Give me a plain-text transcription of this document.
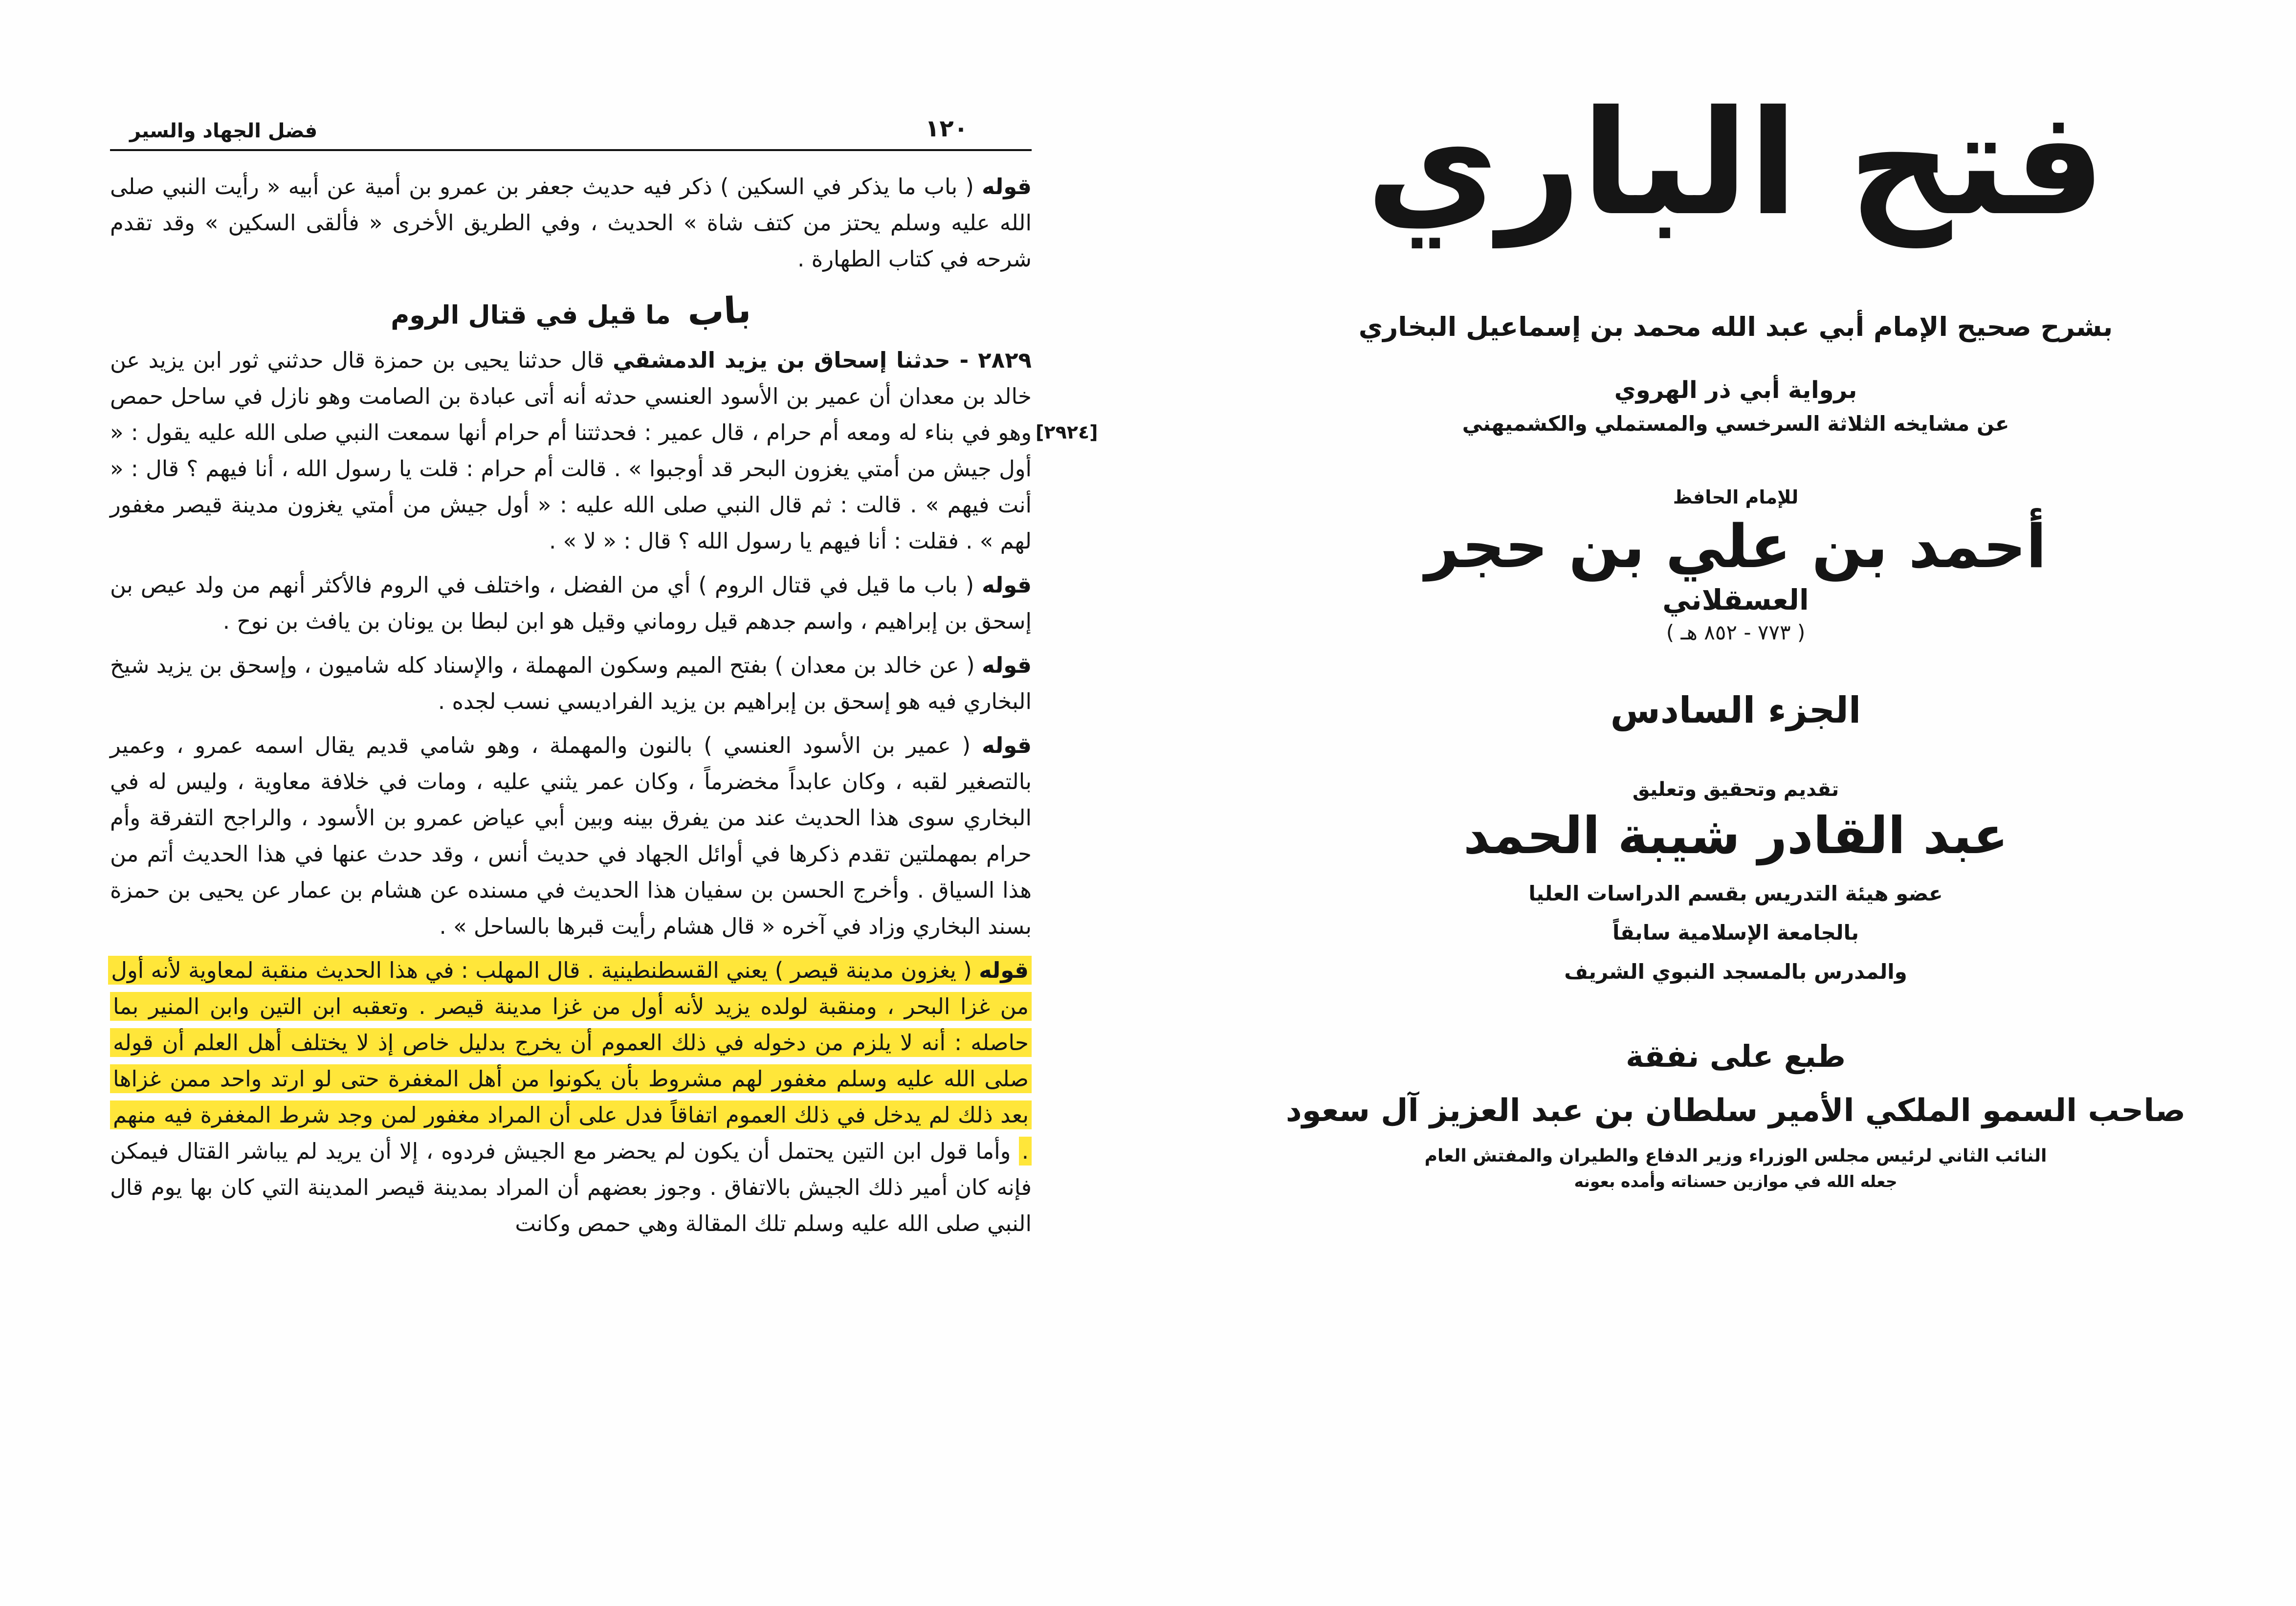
فضل الجهاد والسير	١٢٠

قوله ( باب ما يذكر في السكين ) ذكر فيه حديث جعفر بن عمرو بن أمية عن أبيه « رأيت النبي صلى الله عليه وسلم يحتز من كتف شاة » الحديث ، وفي الطريق الأخرى « فألقى السكين » وقد تقدم شرحه في كتاب الطهارة .

بابما قيل في قتال الروم

٢٨٢٩ - حدثنا إسحاق بن يزيد الدمشقي قال حدثنا يحيى بن حمزة قال حدثني ثور ابن يزيد عن خالد بن معدان أن عمير بن الأسود العنسي حدثه أنه أتى عبادة بن الصامت وهو نازل في ساحل حمص وهو في بناء له ومعه أم حرام ، قال عمير : فحدثتنا أم حرام أنها سمعت النبي صلى الله عليه يقول : « أول جيش من أمتي يغزون البحر قد أوجبوا » . قالت أم حرام : قلت يا رسول الله ، أنا فيهم ؟ قال : « أنت فيهم » . قالت : ثم قال النبي صلى الله عليه : « أول جيش من أمتي يغزون مدينة قيصر مغفور لهم » . فقلت : أنا فيهم يا رسول الله ؟ قال : « لا » .

قوله ( باب ما قيل في قتال الروم ) أي من الفضل ، واختلف في الروم فالأكثر أنهم من ولد عيص بن إسحق بن إبراهيم ، واسم جدهم قيل روماني وقيل هو ابن لبطا بن يونان بن يافث بن نوح .

قوله ( عن خالد بن معدان ) بفتح الميم وسكون المهملة ، والإسناد كله شاميون ، وإسحق بن يزيد شيخ البخاري فيه هو إسحق بن إبراهيم بن يزيد الفراديسي نسب لجده .

قوله ( عمير بن الأسود العنسي ) بالنون والمهملة ، وهو شامي قديم يقال اسمه عمرو ، وعمير بالتصغير لقبه ، وكان عابداً مخضرماً ، وكان عمر يثني عليه ، ومات في خلافة معاوية ، وليس له في البخاري سوى هذا الحديث عند من يفرق بينه وبين أبي عياض عمرو بن الأسود ، والراجح التفرقة وأم حرام بمهملتين تقدم ذكرها في أوائل الجهاد في حديث أنس ، وقد حدث عنها في هذا الحديث أتم من هذا السياق . وأخرج الحسن بن سفيان هذا الحديث في مسنده عن هشام بن عمار عن يحيى بن حمزة بسند البخاري وزاد في آخره « قال هشام رأيت قبرها بالساحل » .

قوله ( يغزون مدينة قيصر ) يعني القسطنطينية . قال المهلب : في هذا الحديث منقبة لمعاوية لأنه أول من غزا البحر ، ومنقبة لولده يزيد لأنه أول من غزا مدينة قيصر . وتعقبه ابن التين وابن المنير بما حاصله : أنه لا يلزم من دخوله في ذلك العموم أن يخرج بدليل خاص إذ لا يختلف أهل العلم أن قوله صلى الله عليه وسلم مغفور لهم مشروط بأن يكونوا من أهل المغفرة حتى لو ارتد واحد ممن غزاها بعد ذلك لم يدخل في ذلك العموم اتفاقاً فدل على أن المراد مغفور لمن وجد شرط المغفرة فيه منهم . وأما قول ابن التين يحتمل أن يكون لم يحضر مع الجيش فردوه ، إلا أن يريد لم يباشر القتال فيمكن فإنه كان أمير ذلك الجيش بالاتفاق . وجوز بعضهم أن المراد بمدينة قيصر المدينة التي كان بها يوم قال النبي صلى الله عليه وسلم تلك المقالة وهي حمص وكانت

[٢٩٢٤]
فتح الباري
بشرح صحيح الإمام أبي عبد الله محمد بن إسماعيل البخاري
برواية أبي ذر الهروي
عن مشايخه الثلاثة السرخسي والمستملي والكشميهني
للإمام الحافظ
أحمد بن علي بن حجر
العسقلاني
( ٧٧٣ - ٨٥٢ هـ )
الجزء السادس
تقديم وتحقيق وتعليق
عبد القادر شيبة الحمد
عضو هيئة التدريس بقسم الدراسات العليا
بالجامعة الإسلامية سابقاً
والمدرس بالمسجد النبوي الشريف
طبع على نفقة
صاحب السمو الملكي الأمير سلطان بن عبد العزيز آل سعود
النائب الثاني لرئيس مجلس الوزراء وزير الدفاع والطيران والمفتش العام
جعله الله في موازين حسناته وأمده بعونه
